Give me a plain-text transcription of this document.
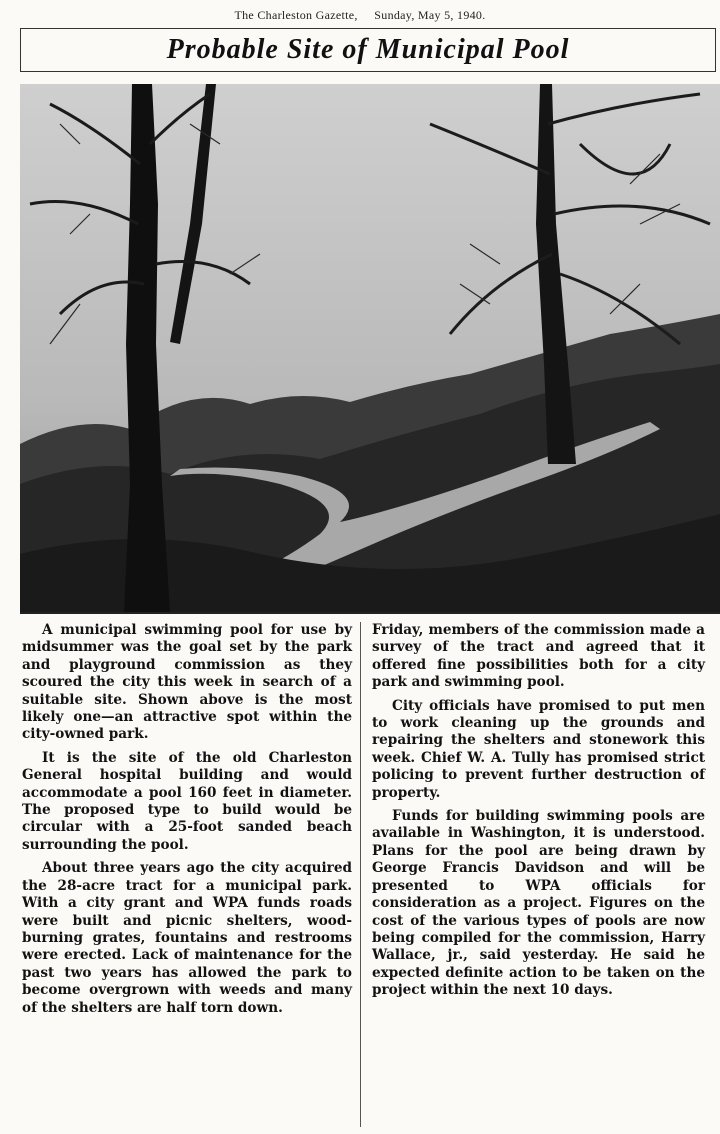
The Charleston Gazette, Sunday, May 5, 1940.
Probable Site of Municipal Pool

A municipal swimming pool for use by midsummer was the goal set by the park and playground commission as they scoured the city this week in search of a suitable site. Shown above is the most likely one—an attractive spot within the city-owned park.

It is the site of the old Charleston General hospital building and would accommodate a pool 160 feet in diameter. The proposed type to build would be circular with a 25-foot sanded beach surrounding the pool.

About three years ago the city acquired the 28-acre tract for a municipal park. With a city grant and WPA funds roads were built and picnic shelters, wood-burning grates, fountains and restrooms were erected. Lack of maintenance for the past two years has allowed the park to become overgrown with weeds and many of the shelters are half torn down.

Friday, members of the commission made a survey of the tract and agreed that it offered fine possibilities both for a city park and swimming pool.

City officials have promised to put men to work cleaning up the grounds and repairing the shelters and stonework this week. Chief W. A. Tully has promised strict policing to prevent further destruction of property.

Funds for building swimming pools are available in Washington, it is understood. Plans for the pool are being drawn by George Francis Davidson and will be presented to WPA officials for consideration as a project. Figures on the cost of the various types of pools are now being compiled for the commission, Harry Wallace, jr., said yesterday. He said he expected definite action to be taken on the project within the next 10 days.
